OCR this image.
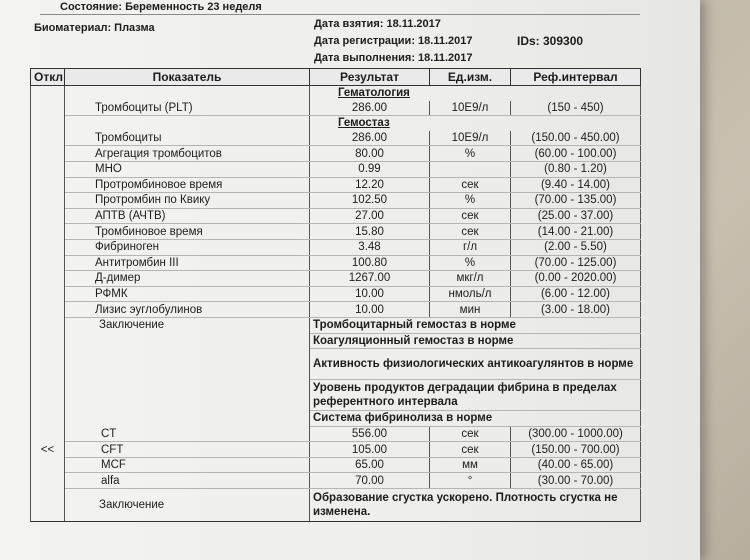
Состояние: Беременность 23 неделя
Биоматериал: Плазма	Дата взятия: 18.11.2017
Дата регистрации: 18.11.2017	IDs: 309300
Дата выполнения: 18.11.2017
Откл	Показатель	Результат	Ед.изм.	Реф.интервал
		Гематология		
	Тромбоциты (PLT)	286.00	10Е9/л	(150 - 450)
		Гемостаз		
	Тромбоциты	286.00	10Е9/л	(150.00 - 450.00)
	Агрегация тромбоцитов	80.00	%	(60.00 - 100.00)
	МНО	0.99		(0.80 - 1.20)
	Протромбиновое время	12.20	сек	(9.40 - 14.00)
	Протромбин по Квику	102.50	%	(70.00 - 135.00)
	АПТВ (АЧТВ)	27.00	сек	(25.00 - 37.00)
	Тромбиновое время	15.80	сек	(14.00 - 21.00)
	Фибриноген	3.48	г/л	(2.00 - 5.50)
	Антитромбин III	100.80	%	(70.00 - 125.00)
	Д-димер	1267.00	мкг/л	(0.00 - 2020.00)
	РФМК	10.00	нмоль/л	(6.00 - 12.00)
	Лизис эуглобулинов	10.00	мин	(3.00 - 18.00)
	Заключение	Тромбоцитарный гемостаз в норме		
		Коагуляционный гемостаз в норме		
		Активность физиологических антикоагулянтов в норме		
		Уровень продуктов деградации фибрина в пределах референтного интервала		
		Система фибринолиза в норме		
	CT	556.00	сек	(300.00 - 1000.00)
<<	CFT	105.00	сек	(150.00 - 700.00)
	MCF	65.00	мм	(40.00 - 65.00)
	alfa	70.00	°	(30.00 - 70.00)
	Заключение	Образование сгустка ускорено. Плотность сгустка не изменена.		
